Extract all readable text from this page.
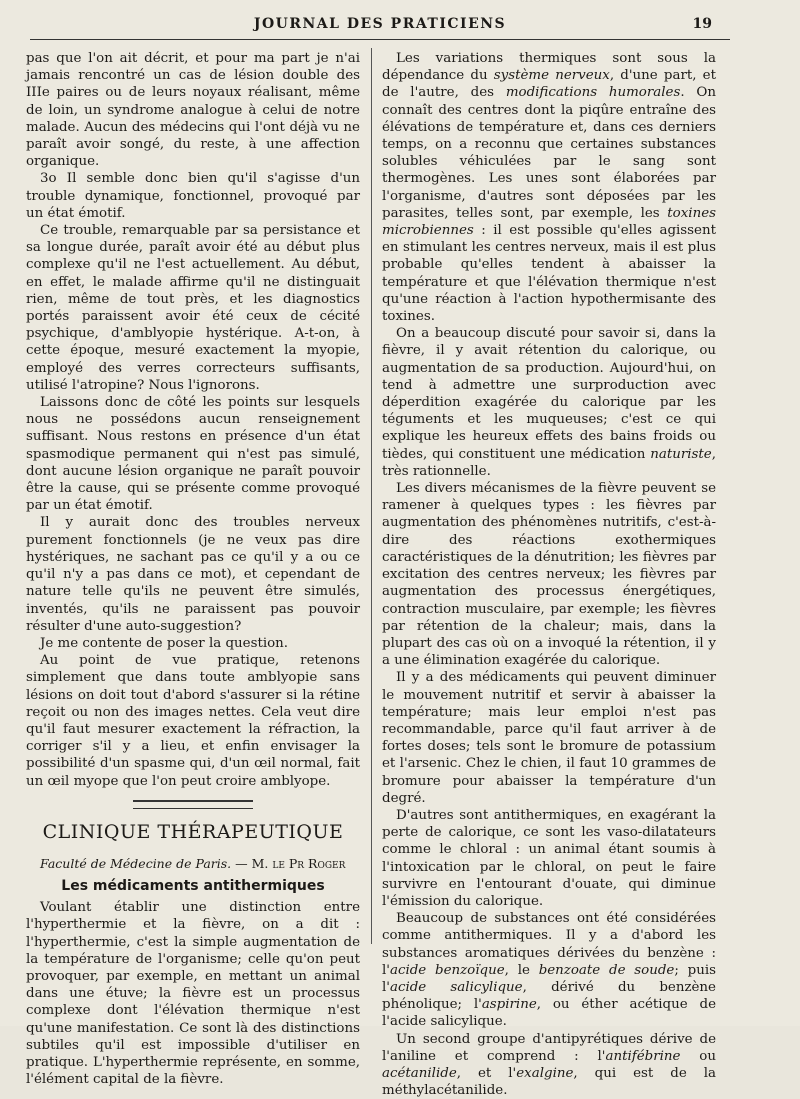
JOURNAL DES PRATICIENS	19

pas que l'on ait décrit, et pour ma part je n'ai jamais rencontré un cas de lésion double des IIIe paires ou de leurs noyaux réalisant, même de loin, un syndrome analogue à celui de notre malade. Aucun des médecins qui l'ont déjà vu ne paraît avoir songé, du reste, à une affection organique.

3o Il semble donc bien qu'il s'agisse d'un trouble dynamique, fonctionnel, provoqué par un état émotif.

Ce trouble, remarquable par sa persistance et sa longue durée, paraît avoir été au début plus complexe qu'il ne l'est actuellement. Au début, en effet, le malade affirme qu'il ne distinguait rien, même de tout près, et les diagnostics portés paraissent avoir été ceux de cécité psychique, d'amblyopie hystérique. A-t-on, à cette époque, mesuré exactement la myopie, employé des verres correcteurs suffisants, utilisé l'atropine? Nous l'ignorons.

Laissons donc de côté les points sur lesquels nous ne possédons aucun renseignement suffisant. Nous restons en présence d'un état spasmodique permanent qui n'est pas simulé, dont aucune lésion organique ne paraît pouvoir être la cause, qui se présente comme provoqué par un état émotif.

Il y aurait donc des troubles nerveux purement fonctionnels (je ne veux pas dire hystériques, ne sachant pas ce qu'il y a ou ce qu'il n'y a pas dans ce mot), et cependant de nature telle qu'ils ne peuvent être simulés, inventés, qu'ils ne paraissent pas pouvoir résulter d'une auto-suggestion?

Je me contente de poser la question.

Au point de vue pratique, retenons simplement que dans toute amblyopie sans lésions on doit tout d'abord s'assurer si la rétine reçoit ou non des images nettes. Cela veut dire qu'il faut mesurer exactement la réfraction, la corriger s'il y a lieu, et enfin envisager la possibilité d'un spasme qui, d'un œil normal, fait un œil myope que l'on peut croire amblyope.

CLINIQUE THÉRAPEUTIQUE
Faculté de Médecine de Paris. — M. le Pr Roger
Les médicaments antithermiques

Voulant établir une distinction entre l'hyperthermie et la fièvre, on a dit : l'hyperthermie, c'est la simple augmentation de la température de l'organisme; celle qu'on peut provoquer, par exemple, en mettant un animal dans une étuve; la fièvre est un processus complexe dont l'élévation thermique n'est qu'une manifestation. Ce sont là des distinctions subtiles qu'il est impossible d'utiliser en pratique. L'hyperthermie représente, en somme, l'élément capital de la fièvre.

Les variations thermiques sont sous la dépendance du système nerveux, d'une part, et de l'autre, des modifications humorales. On connaît des centres dont la piqûre entraîne des élévations de température et, dans ces derniers temps, on a reconnu que certaines substances solubles véhiculées par le sang sont thermogènes. Les unes sont élaborées par l'organisme, d'autres sont déposées par les parasites, telles sont, par exemple, les toxines microbiennes : il est possible qu'elles agissent en stimulant les centres nerveux, mais il est plus probable qu'elles tendent à abaisser la température et que l'élévation thermique n'est qu'une réaction à l'action hypothermisante des toxines.

On a beaucoup discuté pour savoir si, dans la fièvre, il y avait rétention du calorique, ou augmentation de sa production. Aujourd'hui, on tend à admettre une surproduction avec déperdition exagérée du calorique par les téguments et les muqueuses; c'est ce qui explique les heureux effets des bains froids ou tièdes, qui constituent une médication naturiste, très rationnelle.

Les divers mécanismes de la fièvre peuvent se ramener à quelques types : les fièvres par augmentation des phénomènes nutritifs, c'est-à-dire des réactions exothermiques caractéristiques de la dénutrition; les fièvres par excitation des centres nerveux; les fièvres par augmentation des processus énergétiques, contraction musculaire, par exemple; les fièvres par rétention de la chaleur; mais, dans la plupart des cas où on a invoqué la rétention, il y a une élimination exagérée du calorique.

Il y a des médicaments qui peuvent diminuer le mouvement nutritif et servir à abaisser la température; mais leur emploi n'est pas recommandable, parce qu'il faut arriver à de fortes doses; tels sont le bromure de potassium et l'arsenic. Chez le chien, il faut 10 grammes de bromure pour abaisser la température d'un degré.

D'autres sont antithermiques, en exagérant la perte de calorique, ce sont les vaso-dilatateurs comme le chloral : un animal étant soumis à l'intoxication par le chloral, on peut le faire survivre en l'entourant d'ouate, qui diminue l'émission du calorique.

Beaucoup de substances ont été considérées comme antithermiques. Il y a d'abord les substances aromatiques dérivées du benzène : l'acide benzoïque, le benzoate de soude; puis l'acide salicylique, dérivé du benzène phénolique; l'aspirine, ou éther acétique de l'acide salicylique.

Un second groupe d'antipyrétiques dérive de l'aniline et comprend : l'antifébrine ou acétanilide, et l'exalgine, qui est de la méthylacétanilide.
